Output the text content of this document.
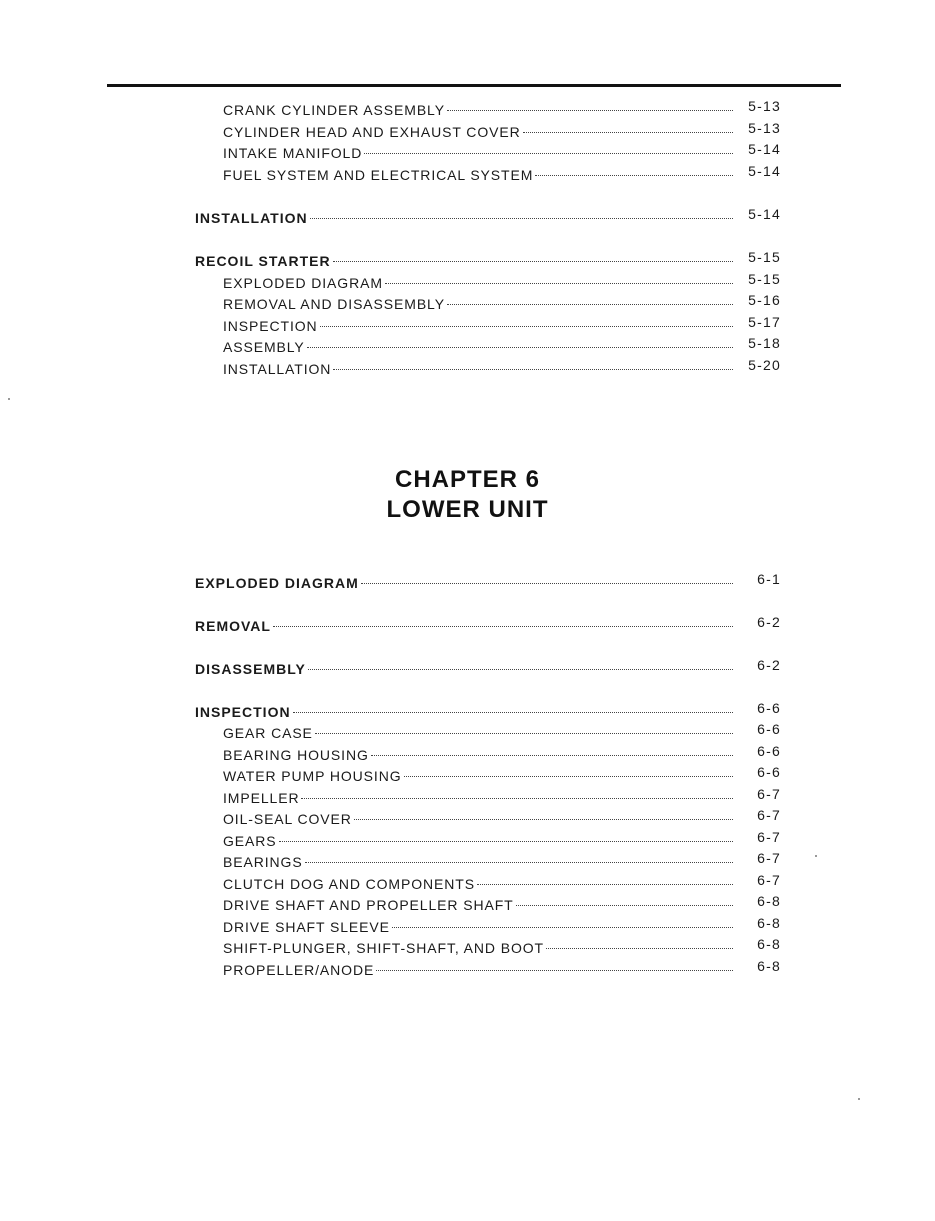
CRANK CYLINDER ASSEMBLY	5-13
CYLINDER HEAD AND EXHAUST COVER	5-13
INTAKE MANIFOLD	5-14
FUEL SYSTEM AND ELECTRICAL SYSTEM	5-14
INSTALLATION	5-14
RECOIL STARTER	5-15
EXPLODED DIAGRAM	5-15
REMOVAL AND DISASSEMBLY	5-16
INSPECTION	5-17
ASSEMBLY	5-18
INSTALLATION	5-20
CHAPTER 6
LOWER UNIT
EXPLODED DIAGRAM	6-1
REMOVAL	6-2
DISASSEMBLY	6-2
INSPECTION	6-6
GEAR CASE	6-6
BEARING HOUSING	6-6
WATER PUMP HOUSING	6-6
IMPELLER	6-7
OIL-SEAL COVER	6-7
GEARS	6-7
BEARINGS	6-7
CLUTCH DOG AND COMPONENTS	6-7
DRIVE SHAFT AND PROPELLER SHAFT	6-8
DRIVE SHAFT SLEEVE	6-8
SHIFT-PLUNGER, SHIFT-SHAFT, AND BOOT	6-8
PROPELLER/ANODE	6-8
